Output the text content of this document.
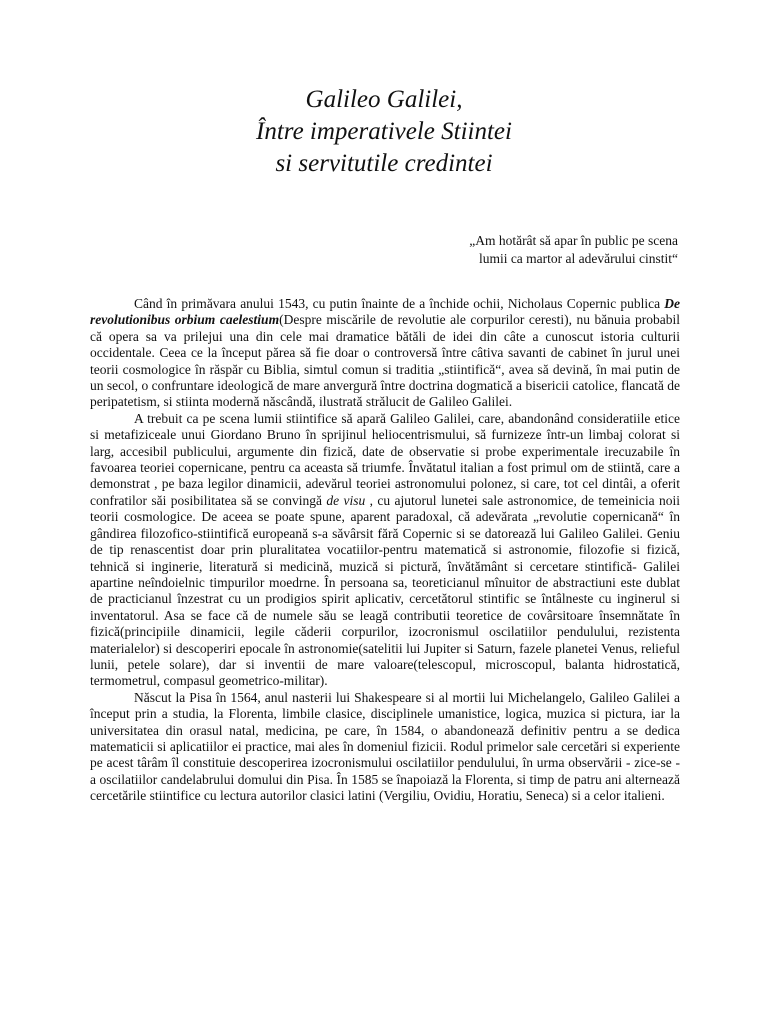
Galileo Galilei,
Între imperativele Stiintei
si servitutile credintei
„Am hotărât să apar în public pe scena
lumii ca martor al adevărului cinstit“

Când în primăvara anului 1543, cu putin înainte de a închide ochii, Nicholaus Copernic publica De revolutionibus orbium caelestium(Despre miscările de revolutie ale corpurilor ceresti), nu bănuia probabil că opera sa va prilejui una din cele mai dramatice bătăli de idei din câte a cunoscut istoria culturii occidentale. Ceea ce la început părea să fie doar o controversă între câtiva savanti de cabinet în jurul unei teorii cosmologice în răspăr cu Biblia, simtul comun si traditia „stiintifică“, avea să devină, în mai putin de un secol, o confruntare ideologică de mare anvergură între doctrina dogmatică a bisericii catolice, flancată de peripatetism, si stiinta modernă născândă, ilustrată strălucit de Galileo Galilei.

A trebuit ca pe scena lumii stiintifice să apară Galileo Galilei, care, abandonând consideratiile etice si metafiziceale unui Giordano Bruno în sprijinul heliocentrismului, să furnizeze într-un limbaj colorat si larg, accesibil publicului, argumente din fizică, date de observatie si probe experimentale irecuzabile în favoarea teoriei copernicane, pentru ca aceasta să triumfe. Învătatul italian a fost primul om de stiintă, care a demonstrat , pe baza legilor dinamicii, adevărul teoriei astronomului polonez, si care, tot cel dintâi, a oferit confratilor săi posibilitatea să se convingă de visu , cu ajutorul lunetei sale astronomice, de temeinicia noii teorii cosmologice. De aceea se poate spune, aparent paradoxal, că adevărata „revolutie copernicană“ în gândirea filozofico-stiintifică europeană s-a săvârsit fără Copernic si se datorează lui Galileo Galilei. Geniu de tip renascentist doar prin pluralitatea vocatiilor-pentru matematică si astronomie, filozofie si fizică, tehnică si inginerie, literatură si medicină, muzică si pictură, învătământ si cercetare stintifică- Galilei apartine neîndoielnic timpurilor moedrne. În persoana sa, teoreticianul mînuitor de abstractiuni este dublat de practicianul înzestrat cu un prodigios spirit aplicativ, cercetătorul stintific se întâlneste cu inginerul si inventatorul. Asa se face că de numele său se leagă contributii teoretice de covârsitoare însemnătate în fizică(principiile dinamicii, legile căderii corpurilor, izocronismul oscilatiilor pendulului, rezistenta materialelor) si descoperiri epocale în astronomie(satelitii lui Jupiter si Saturn, fazele planetei Venus, relieful lunii, petele solare), dar si inventii de mare valoare(telescopul, microscopul, balanta hidrostatică, termometrul, compasul geometrico-militar).

Născut la Pisa în 1564, anul nasterii lui Shakespeare si al mortii lui Michelangelo, Galileo Galilei a început prin a studia, la Florenta, limbile clasice, disciplinele umanistice, logica, muzica si pictura, iar la universitatea din orasul natal, medicina, pe care, în 1584, o abandonează definitiv pentru a se dedica matematicii si aplicatiilor ei practice, mai ales în domeniul fizicii. Rodul primelor sale cercetări si experiente pe acest târâm îl constituie descoperirea izocronismului oscilatiilor pendulului, în urma observării - zice-se - a oscilatiilor candelabrului domului din Pisa. În 1585 se înapoiază la Florenta, si timp de patru ani alternează cercetările stiintifice cu lectura autorilor clasici latini (Vergiliu, Ovidiu, Horatiu, Seneca) si a celor italieni.
